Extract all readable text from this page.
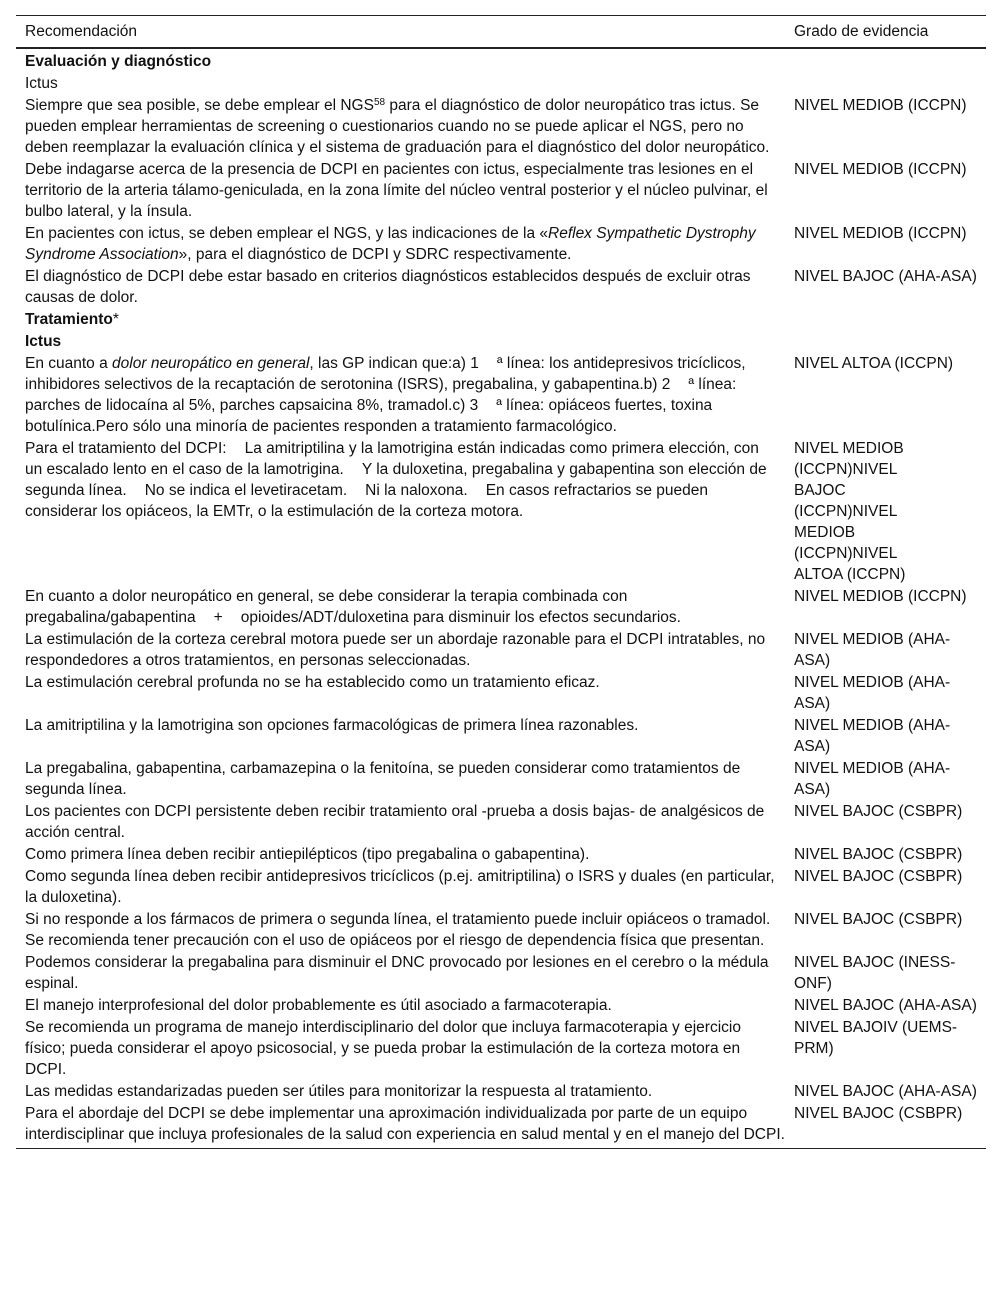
Recomendación	Grado de evidencia
Evaluación y diagnóstico
Ictus
Siempre que sea posible, se debe emplear el NGS$^{58}$ para el diagnóstico de dolor neuropático tras ictus. Se pueden emplear herramientas de screening o cuestionarios cuando no se puede aplicar el NGS, pero no deben reemplazar la evaluación clínica y el sistema de graduación para el diagnóstico del dolor neuropático.
NIVEL MEDIOB (ICCPN)
Debe indagarse acerca de la presencia de DCPI en pacientes con ictus, especialmente tras lesiones en el territorio de la arteria tálamo-geniculada, en la zona límite del núcleo ventral posterior y el núcleo pulvinar, el bulbo lateral, y la ínsula.
NIVEL MEDIOB (ICCPN)
En pacientes con ictus, se deben emplear el NGS, y las indicaciones de la «Reflex Sympathetic Dystrophy Syndrome Association», para el diagnóstico de DCPI y SDRC respectivamente.
NIVEL MEDIOB (ICCPN)
El diagnóstico de DCPI debe estar basado en criterios diagnósticos establecidos después de excluir otras causas de dolor.
NIVEL BAJOC (AHA-ASA)
Tratamiento*
Ictus
En cuanto a dolor neuropático en general, las GP indican que:a) 1 ª línea: los antidepresivos tricíclicos, inhibidores selectivos de la recaptación de serotonina (ISRS), pregabalina, y gabapentina.b) 2 ª línea: parches de lidocaína al 5%, parches capsaicina 8%, tramadol.c) 3 ª línea: opiáceos fuertes, toxina botulínica.Pero sólo una minoría de pacientes responden a tratamiento farmacológico.
NIVEL ALTOA (ICCPN)
Para el tratamiento del DCPI: La amitriptilina y la lamotrigina están indicadas como primera elección, con un escalado lento en el caso de la lamotrigina. Y la duloxetina, pregabalina y gabapentina son elección de segunda línea. No se indica el levetiracetam. Ni la naloxona. En casos refractarios se pueden considerar los opiáceos, la EMTr, o la estimulación de la corteza motora.
NIVEL MEDIOB (ICCPN)NIVEL BAJOC (ICCPN)NIVEL MEDIOB (ICCPN)NIVEL ALTOA (ICCPN)
En cuanto a dolor neuropático en general, se debe considerar la terapia combinada con pregabalina/gabapentina + opioides/ADT/duloxetina para disminuir los efectos secundarios.
NIVEL MEDIOB (ICCPN)
La estimulación de la corteza cerebral motora puede ser un abordaje razonable para el DCPI intratables, no respondedores a otros tratamientos, en personas seleccionadas.
NIVEL MEDIOB (AHA-ASA)
La estimulación cerebral profunda no se ha establecido como un tratamiento eficaz.	NIVEL MEDIOB (AHA-ASA)
La amitriptilina y la lamotrigina son opciones farmacológicas de primera línea razonables.	NIVEL MEDIOB (AHA-ASA)
La pregabalina, gabapentina, carbamazepina o la fenitoína, se pueden considerar como tratamientos de segunda línea.
NIVEL MEDIOB (AHA-ASA)
Los pacientes con DCPI persistente deben recibir tratamiento oral -prueba a dosis bajas- de analgésicos de acción central.
NIVEL BAJOC (CSBPR)
Como primera línea deben recibir antiepilépticos (tipo pregabalina o gabapentina).	NIVEL BAJOC (CSBPR)
Como segunda línea deben recibir antidepresivos tricíclicos (p.ej. amitriptilina) o ISRS y duales (en particular, la duloxetina).
NIVEL BAJOC (CSBPR)
Si no responde a los fármacos de primera o segunda línea, el tratamiento puede incluir opiáceos o tramadol. Se recomienda tener precaución con el uso de opiáceos por el riesgo de dependencia física que presentan.
NIVEL BAJOC (CSBPR)
Podemos considerar la pregabalina para disminuir el DNC provocado por lesiones en el cerebro o la médula espinal.
NIVEL BAJOC (INESS-ONF)
El manejo interprofesional del dolor probablemente es útil asociado a farmacoterapia.	NIVEL BAJOC (AHA-ASA)
Se recomienda un programa de manejo interdisciplinario del dolor que incluya farmacoterapia y ejercicio físico; pueda considerar el apoyo psicosocial, y se pueda probar la estimulación de la corteza motora en DCPI.
NIVEL BAJOIV (UEMS-PRM)
Las medidas estandarizadas pueden ser útiles para monitorizar la respuesta al tratamiento.	NIVEL BAJOC (AHA-ASA)
Para el abordaje del DCPI se debe implementar una aproximación individualizada por parte de un equipo interdisciplinar que incluya profesionales de la salud con experiencia en salud mental y en el manejo del DCPI.
NIVEL BAJOC (CSBPR)
